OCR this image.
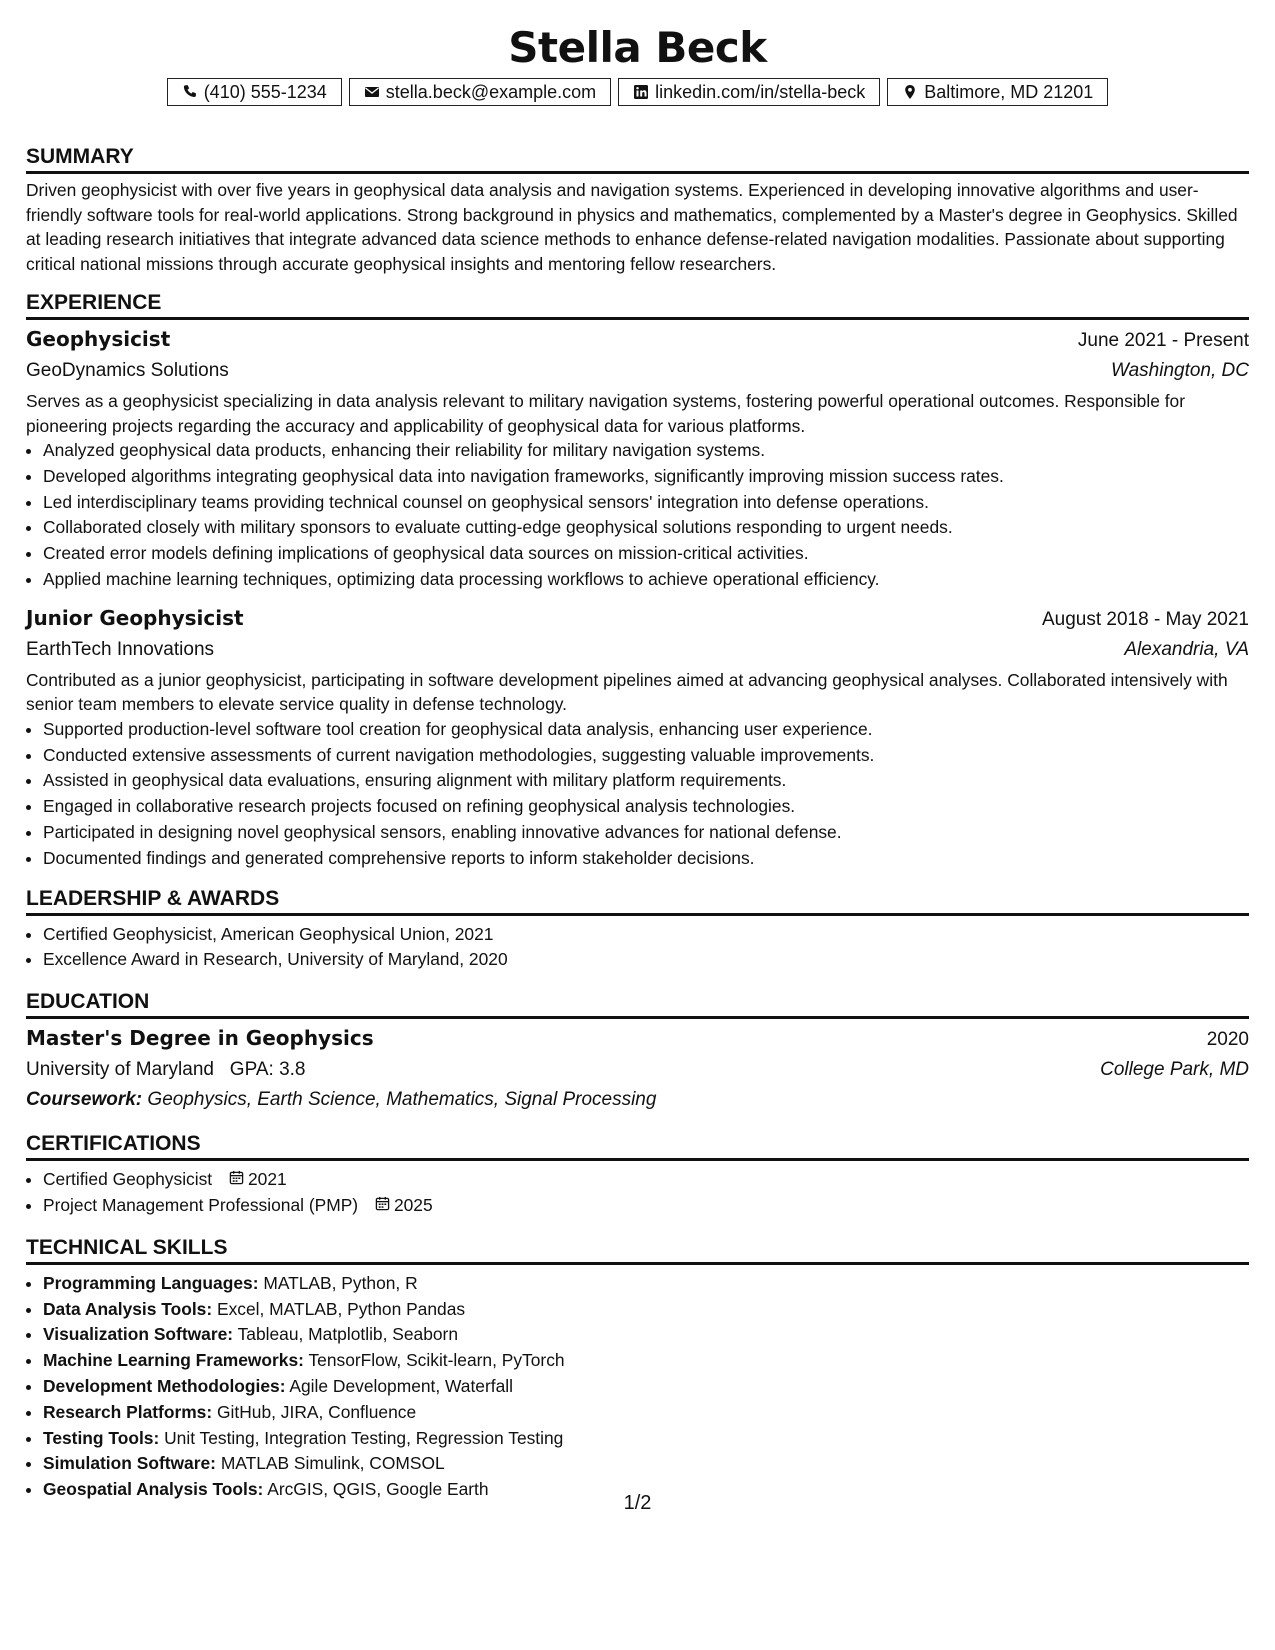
Stella Beck
(410) 555-1234	stella.beck@example.com	linkedin.com/in/stella-beck	Baltimore, MD 21201
SUMMARY

Driven geophysicist with over five years in geophysical data analysis and navigation systems. Experienced in developing innovative algorithms and user-friendly software tools for real-world applications. Strong background in physics and mathematics, complemented by a Master's degree in Geophysics. Skilled at leading research initiatives that integrate advanced data science methods to enhance defense-related navigation modalities. Passionate about supporting critical national missions through accurate geophysical insights and mentoring fellow researchers.

EXPERIENCE
Geophysicist	June 2021 - Present
GeoDynamics Solutions	Washington, DC

Serves as a geophysicist specializing in data analysis relevant to military navigation systems, fostering powerful operational outcomes. Responsible for pioneering projects regarding the accuracy and applicability of geophysical data for various platforms.

• Analyzed geophysical data products, enhancing their reliability for military navigation systems.
• Developed algorithms integrating geophysical data into navigation frameworks, significantly improving mission success rates.
• Led interdisciplinary teams providing technical counsel on geophysical sensors' integration into defense operations.
• Collaborated closely with military sponsors to evaluate cutting-edge geophysical solutions responding to urgent needs.
• Created error models defining implications of geophysical data sources on mission-critical activities.
• Applied machine learning techniques, optimizing data processing workflows to achieve operational efficiency.
Junior Geophysicist	August 2018 - May 2021
EarthTech Innovations	Alexandria, VA

Contributed as a junior geophysicist, participating in software development pipelines aimed at advancing geophysical analyses. Collaborated intensively with senior team members to elevate service quality in defense technology.

• Supported production-level software tool creation for geophysical data analysis, enhancing user experience.
• Conducted extensive assessments of current navigation methodologies, suggesting valuable improvements.
• Assisted in geophysical data evaluations, ensuring alignment with military platform requirements.
• Engaged in collaborative research projects focused on refining geophysical analysis technologies.
• Participated in designing novel geophysical sensors, enabling innovative advances for national defense.
• Documented findings and generated comprehensive reports to inform stakeholder decisions.
LEADERSHIP & AWARDS
• Certified Geophysicist, American Geophysical Union, 2021
• Excellence Award in Research, University of Maryland, 2020
EDUCATION
Master's Degree in Geophysics	2020
University of Maryland GPA: 3.8	College Park, MD
Coursework: Geophysics, Earth Science, Mathematics, Signal Processing
CERTIFICATIONS
• Certified Geophysicist 2021
• Project Management Professional (PMP) 2025
TECHNICAL SKILLS
• Programming Languages: MATLAB, Python, R
• Data Analysis Tools: Excel, MATLAB, Python Pandas
• Visualization Software: Tableau, Matplotlib, Seaborn
• Machine Learning Frameworks: TensorFlow, Scikit-learn, PyTorch
• Development Methodologies: Agile Development, Waterfall
• Research Platforms: GitHub, JIRA, Confluence
• Testing Tools: Unit Testing, Integration Testing, Regression Testing
• Simulation Software: MATLAB Simulink, COMSOL
• Geospatial Analysis Tools: ArcGIS, QGIS, Google Earth
1/2
